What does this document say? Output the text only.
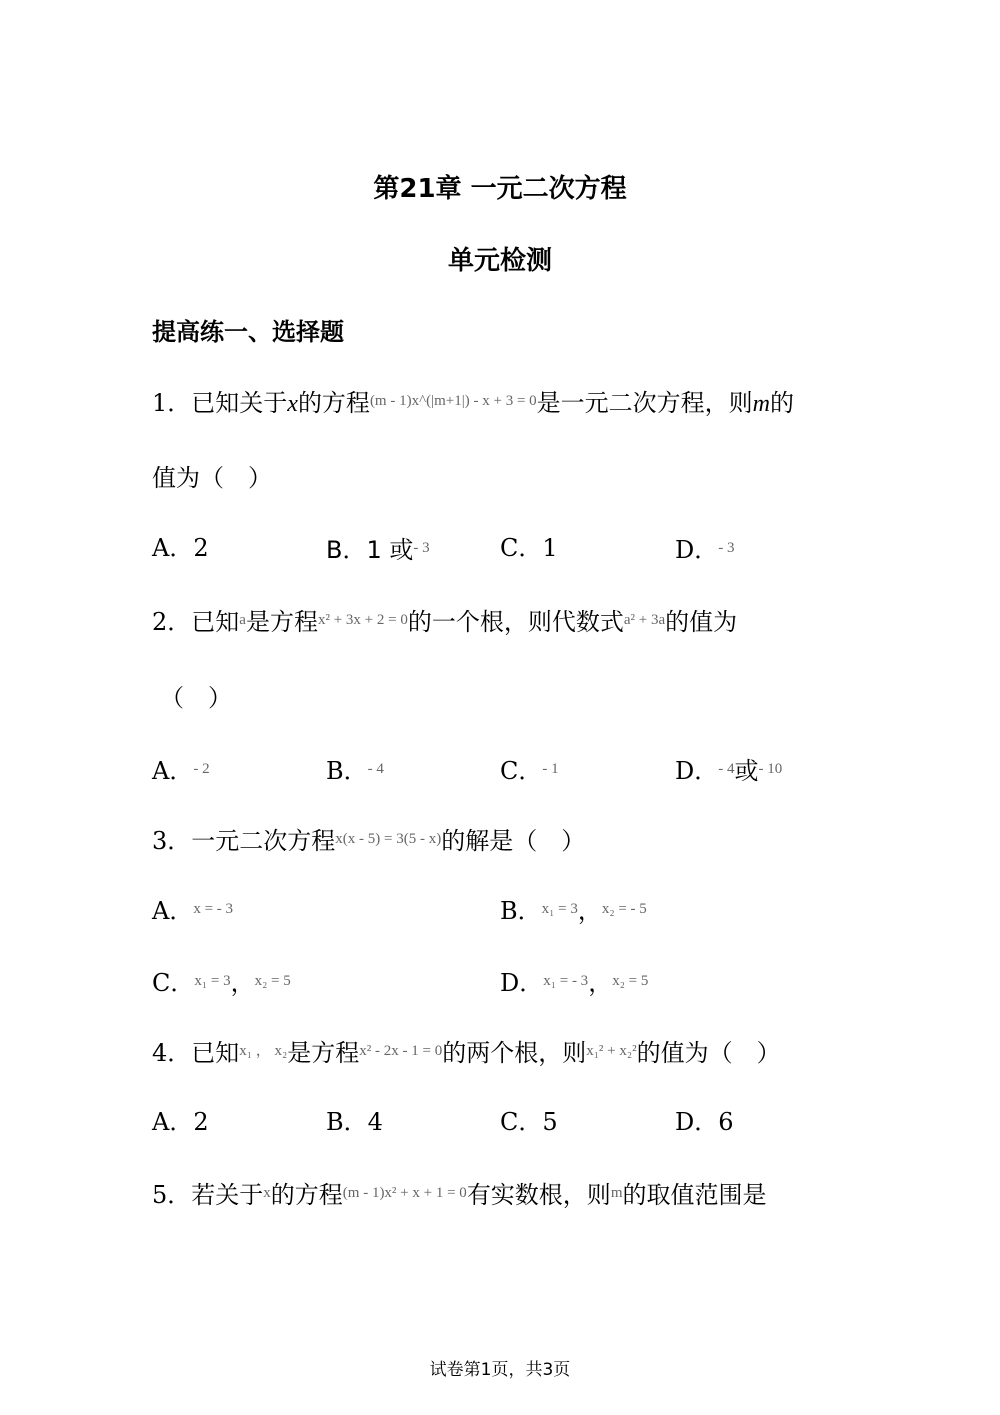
第21章 一元二次方程
单元检测
提高练一、选择题
1．已知关于x的方程$^{(m - 1)x\^{}(|m+1|) - x + 3 = 0}$是一元二次方程，则m的
值为（　）
A．2	B．1 或$^{- 3}$	C．1	D．$^{- 3}$
2．已知$^a$是方程$^{x^2 + 3x + 2 = 0}$的一个根，则代数式$^{a^2 + 3a}$的值为
（　）
A．$^{- 2}$	B．$^{- 4}$	C．$^{- 1}$	D．$^{- 4}$或$^{- 10}$
3．一元二次方程$^{x(x - 5) = 3(5 - x)}$的解是（　）
A．$^{x = - 3}$	B．$^{x_1 = 3}$，$^{x_2 = - 5}$
C．$^{x_1 = 3}$，$^{x_2 = 5}$	D．$^{x_1 = - 3}$，$^{x_2 = 5}$
4．已知$^{x_1 , x_2}$是方程$^{x^2 - 2x - 1 = 0}$的两个根，则$^{x_1^2 + x_2^2}$的值为（　）
A．2	B．4	C．5	D．6
5．若关于$^x$的方程$^{(m - 1)x^2 + x + 1 = 0}$有实数根，则$^m$的取值范围是
试卷第1页，共3页
